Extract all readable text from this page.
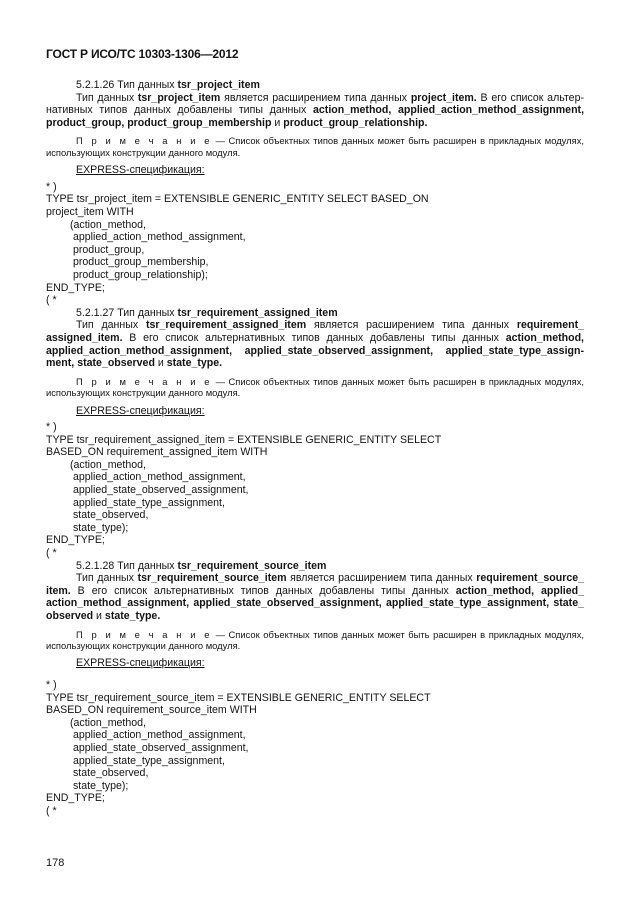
ГОСТ Р ИСО/ТС 10303-1306—2012

5.2.1.26 Тип данных tsr_project_item

Тип данных tsr_project_item является расширением типа данных project_item. В его список альтер-нативных типов данных добавлены типы данных action_method, applied_action_method_assignment, product_group, product_group_membership и product_group_relationship.

П р и м е ч а н и е — Список объектных типов данных может быть расширен в прикладных модулях, использующих конструкции данного модуля.

EXPRESS-спецификация:

* )
TYPE tsr_project_item = EXTENSIBLE GENERIC_ENTITY SELECT BASED_ON
project_item WITH
(action_method,
applied_action_method_assignment,
product_group,
product_group_membership,
product_group_relationship);
END_TYPE;
( *

5.2.1.27 Тип данных tsr_requirement_assigned_item

Тип данных tsr_requirement_assigned_item является расширением типа данных requirement_ assigned_item. В его список альтернативных типов данных добавлены типы данных action_method, applied_action_method_assignment, applied_state_observed_assignment, applied_state_type_assign-ment, state_observed и state_type.

П р и м е ч а н и е — Список объектных типов данных может быть расширен в прикладных модулях, использующих конструкции данного модуля.

EXPRESS-спецификация:

* )
TYPE tsr_requirement_assigned_item = EXTENSIBLE GENERIC_ENTITY SELECT
BASED_ON requirement_assigned_item WITH
(action_method,
applied_action_method_assignment,
applied_state_observed_assignment,
applied_state_type_assignment,
state_observed,
state_type);
END_TYPE;
( *

5.2.1.28 Тип данных tsr_requirement_source_item

Тип данных tsr_requirement_source_item является расширением типа данных requirement_source_ item. В его список альтернативных типов данных добавлены типы данных action_method, applied_ action_method_assignment, applied_state_observed_assignment, applied_state_type_assignment, state_ observed и state_type.

П р и м е ч а н и е — Список объектных типов данных может быть расширен в прикладных модулях, использующих конструкции данного модуля.

EXPRESS-спецификация:

* )
TYPE tsr_requirement_source_item = EXTENSIBLE GENERIC_ENTITY SELECT
BASED_ON requirement_source_item WITH
(action_method,
applied_action_method_assignment,
applied_state_observed_assignment,
applied_state_type_assignment,
state_observed,
state_type);
END_TYPE;
( *
178
